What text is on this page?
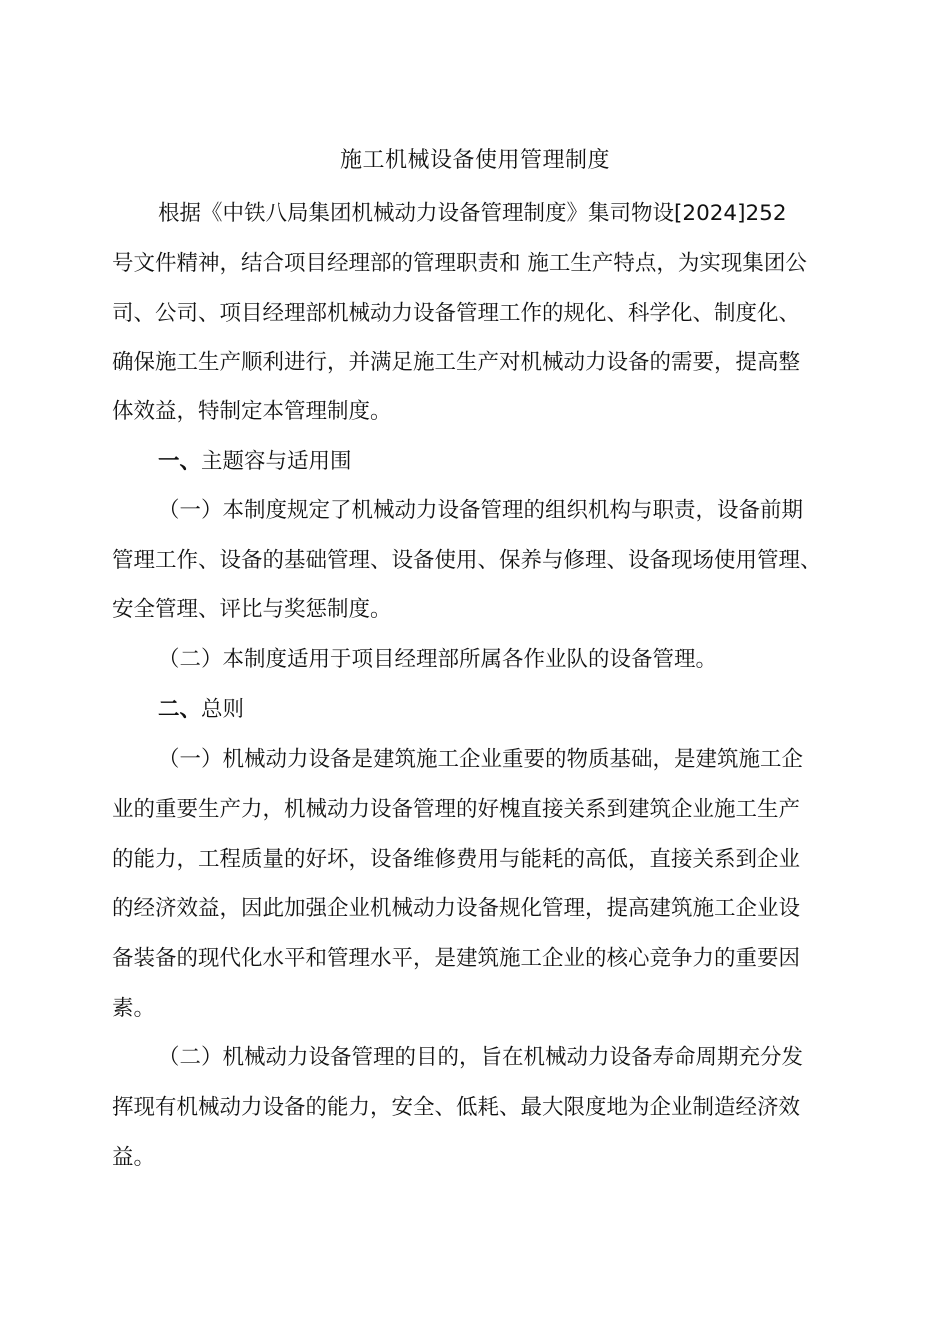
施工机械设备使用管理制度
根据《中铁八局集团机械动力设备管理制度》集司物设[2024]252
号文件精神，结合项目经理部的管理职责和 施工生产特点，为实现集团公
司、公司、项目经理部机械动力设备管理工作的规化、科学化、制度化、
确保施工生产顺利进行，并满足施工生产对机械动力设备的需要，提高整
体效益，特制定本管理制度。
一、主题容与适用围
（一）本制度规定了机械动力设备管理的组织机构与职责，设备前期
管理工作、设备的基础管理、设备使用、保养与修理、设备现场使用管理、
安全管理、评比与奖惩制度。
（二）本制度适用于项目经理部所属各作业队的设备管理。
二、总则
（一）机械动力设备是建筑施工企业重要的物质基础，是建筑施工企
业的重要生产力，机械动力设备管理的好槐直接关系到建筑企业施工生产
的能力，工程质量的好坏，设备维修费用与能耗的高低，直接关系到企业
的经济效益，因此加强企业机械动力设备规化管理，提高建筑施工企业设
备装备的现代化水平和管理水平，是建筑施工企业的核心竞争力的重要因
素。
（二）机械动力设备管理的目的，旨在机械动力设备寿命周期充分发
挥现有机械动力设备的能力，安全、低耗、最大限度地为企业制造经济效
益。
